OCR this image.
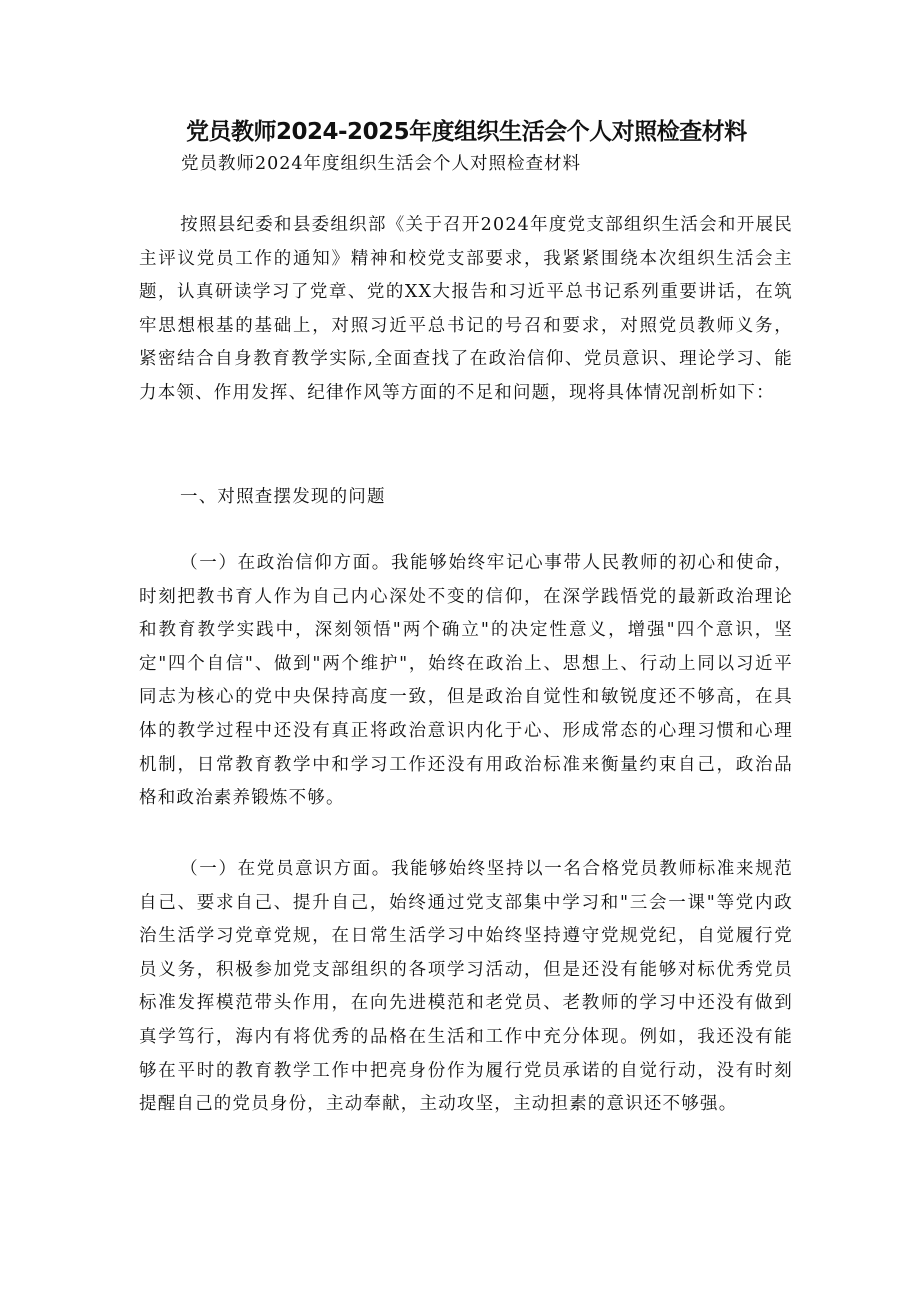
党员教师2024-2025年度组织生活会个人对照检查材料

党员教师2024年度组织生活会个人对照检查材料

按照县纪委和县委组织部《关于召开2024年度党支部组织生活会和开展民主评议党员工作的通知》精神和校党支部要求，我紧紧围绕本次组织生活会主题，认真研读学习了党章、党的XX大报告和习近平总书记系列重要讲话，在筑牢思想根基的基础上，对照习近平总书记的号召和要求，对照党员教师义务，紧密结合自身教育教学实际,全面查找了在政治信仰、党员意识、理论学习、能力本领、作用发挥、纪律作风等方面的不足和问题，现将具体情况剖析如下：

一、对照查摆发现的问题

（一）在政治信仰方面。我能够始终牢记心事带人民教师的初心和使命，时刻把教书育人作为自己内心深处不变的信仰，在深学践悟党的最新政治理论和教育教学实践中，深刻领悟"两个确立"的决定性意义，增强"四个意识，坚定"四个自信"、做到"两个维护"，始终在政治上、思想上、行动上同以习近平同志为核心的党中央保持高度一致，但是政治自觉性和敏锐度还不够高，在具体的教学过程中还没有真正将政治意识内化于心、形成常态的心理习惯和心理机制，日常教育教学中和学习工作还没有用政治标准来衡量约束自己，政治品格和政治素养锻炼不够。

（一）在党员意识方面。我能够始终坚持以一名合格党员教师标准来规范自己、要求自己、提升自己，始终通过党支部集中学习和"三会一课"等党内政治生活学习党章党规，在日常生活学习中始终坚持遵守党规党纪，自觉履行党员义务，积极参加党支部组织的各项学习活动，但是还没有能够对标优秀党员标准发挥模范带头作用，在向先进模范和老党员、老教师的学习中还没有做到真学笃行，海内有将优秀的品格在生活和工作中充分体现。例如，我还没有能够在平时的教育教学工作中把亮身份作为履行党员承诺的自觉行动，没有时刻提醒自己的党员身份，主动奉献，主动攻坚，主动担素的意识还不够强。
